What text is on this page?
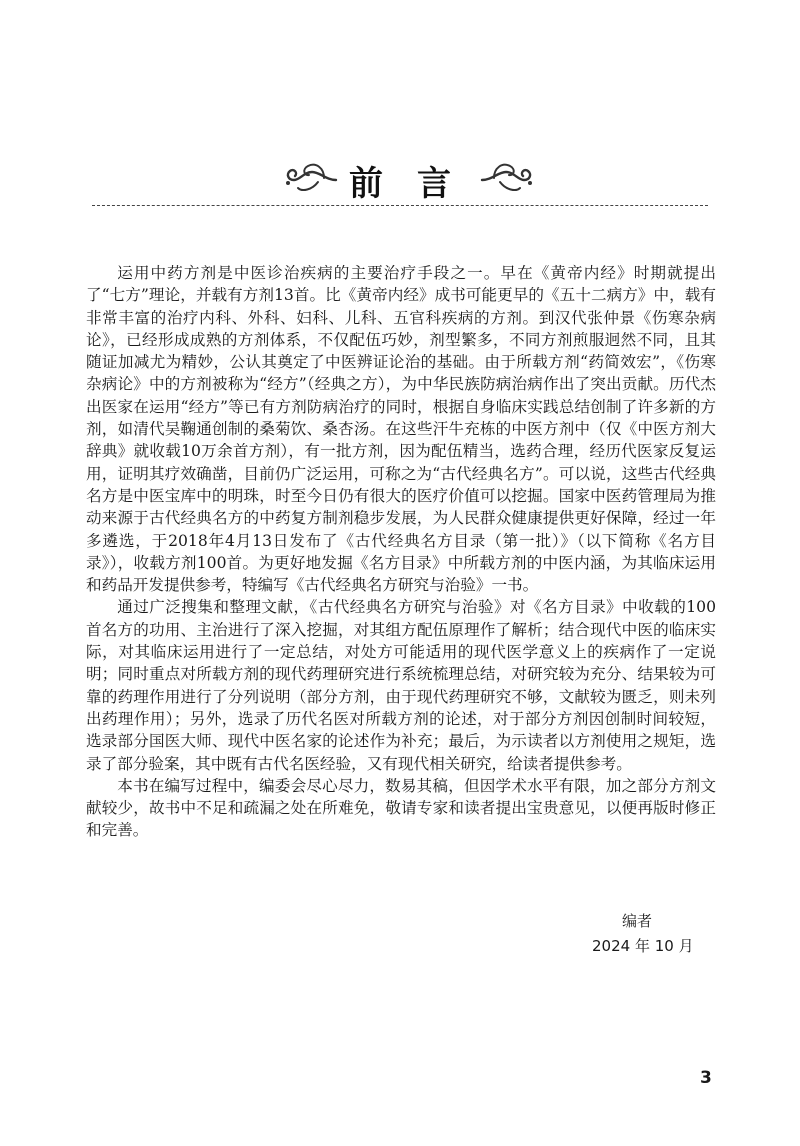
前言

运用中药方剂是中医诊治疾病的主要治疗手段之一。早在《黄帝内经》时期就提出了“七方”理论，并载有方剂13首。比《黄帝内经》成书可能更早的《五十二病方》中，载有非常丰富的治疗内科、外科、妇科、儿科、五官科疾病的方剂。到汉代张仲景《伤寒杂病论》，已经形成成熟的方剂体系，不仅配伍巧妙，剂型繁多，不同方剂煎服迥然不同，且其随证加减尤为精妙，公认其奠定了中医辨证论治的基础。由于所载方剂“药简效宏”，《伤寒杂病论》中的方剂被称为“经方”（经典之方），为中华民族防病治病作出了突出贡献。历代杰出医家在运用“经方”等已有方剂防病治疗的同时，根据自身临床实践总结创制了许多新的方剂，如清代吴鞠通创制的桑菊饮、桑杏汤。在这些汗牛充栋的中医方剂中（仅《中医方剂大辞典》就收载10万余首方剂），有一批方剂，因为配伍精当，选药合理，经历代医家反复运用，证明其疗效确凿，目前仍广泛运用，可称之为“古代经典名方”。可以说，这些古代经典名方是中医宝库中的明珠，时至今日仍有很大的医疗价值可以挖掘。国家中医药管理局为推动来源于古代经典名方的中药复方制剂稳步发展，为人民群众健康提供更好保障，经过一年多遴选，于2018年4月13日发布了《古代经典名方目录（第一批）》（以下简称《名方目录》），收载方剂100首。为更好地发掘《名方目录》中所载方剂的中医内涵，为其临床运用和药品开发提供参考，特编写《古代经典名方研究与治验》一书。

通过广泛搜集和整理文献，《古代经典名方研究与治验》对《名方目录》中收载的100首名方的功用、主治进行了深入挖掘，对其组方配伍原理作了解析；结合现代中医的临床实际，对其临床运用进行了一定总结，对处方可能适用的现代医学意义上的疾病作了一定说明；同时重点对所载方剂的现代药理研究进行系统梳理总结，对研究较为充分、结果较为可靠的药理作用进行了分列说明（部分方剂，由于现代药理研究不够，文献较为匮乏，则未列出药理作用）；另外，选录了历代名医对所载方剂的论述，对于部分方剂因创制时间较短，选录部分国医大师、现代中医名家的论述作为补充；最后，为示读者以方剂使用之规矩，选录了部分验案，其中既有古代名医经验，又有现代相关研究，给读者提供参考。

本书在编写过程中，编委会尽心尽力，数易其稿，但因学术水平有限，加之部分方剂文献较少，故书中不足和疏漏之处在所难免，敬请专家和读者提出宝贵意见，以便再版时修正和完善。

编者
2024 年 10 月
3
